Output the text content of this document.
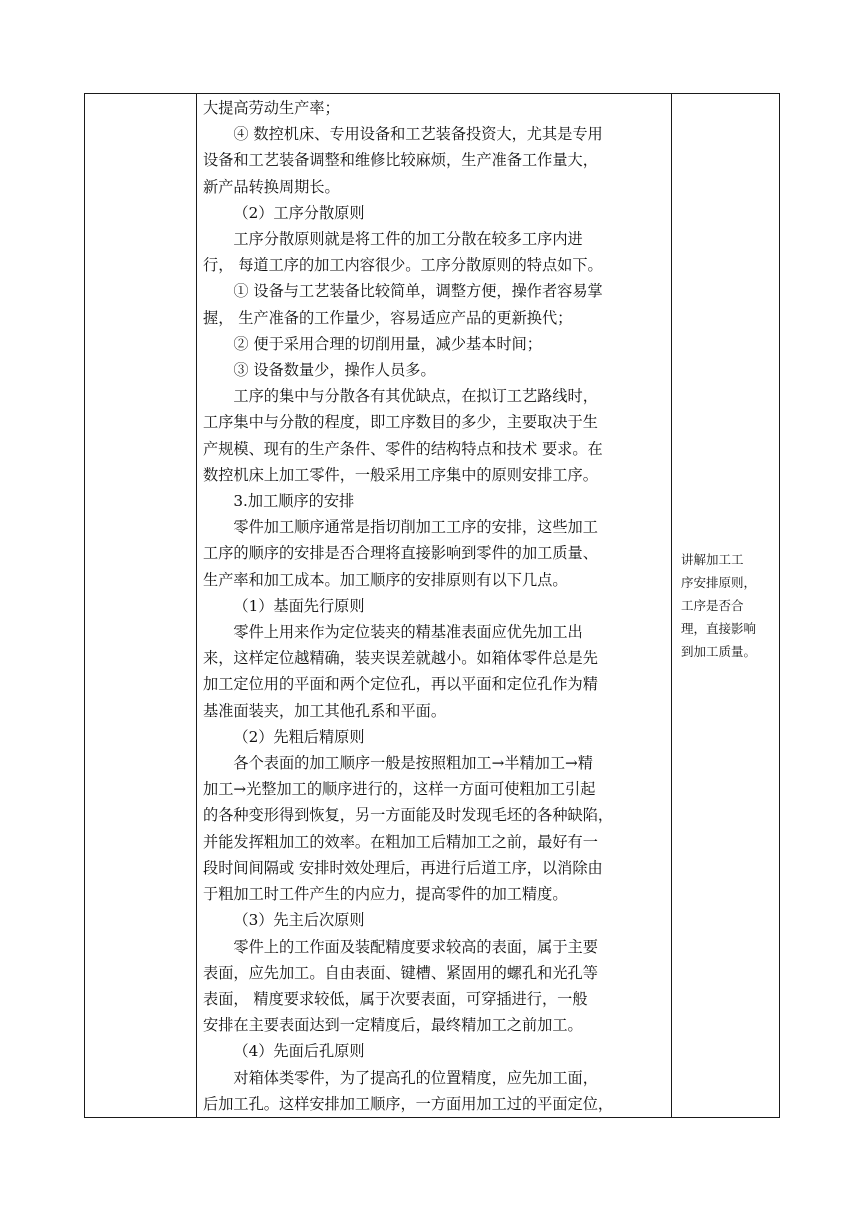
大提高劳动生产率；

④ 数控机床、专用设备和工艺装备投资大，尤其是专用

设备和工艺装备调整和维修比较麻烦，生产准备工作量大，

新产品转换周期长。

（2）工序分散原则

工序分散原则就是将工件的加工分散在较多工序内进

行， 每道工序的加工内容很少。工序分散原则的特点如下。

① 设备与工艺装备比较简单，调整方便，操作者容易掌

握， 生产准备的工作量少，容易适应产品的更新换代；

② 便于采用合理的切削用量，减少基本时间；

③ 设备数量少，操作人员多。

工序的集中与分散各有其优缺点，在拟订工艺路线时，

工序集中与分散的程度，即工序数目的多少，主要取决于生

产规模、现有的生产条件、零件的结构特点和技术 要求。在

数控机床上加工零件，一般采用工序集中的原则安排工序。

3.加工顺序的安排

零件加工顺序通常是指切削加工工序的安排，这些加工

工序的顺序的安排是否合理将直接影响到零件的加工质量、

生产率和加工成本。加工顺序的安排原则有以下几点。

（1）基面先行原则

零件上用来作为定位装夹的精基准表面应优先加工出

来，这样定位越精确，装夹误差就越小。如箱体零件总是先

加工定位用的平面和两个定位孔，再以平面和定位孔作为精

基准面装夹，加工其他孔系和平面。

（2）先粗后精原则

各个表面的加工顺序一般是按照粗加工→半精加工→精

加工→光整加工的顺序进行的，这样一方面可使粗加工引起

的各种变形得到恢复，另一方面能及时发现毛坯的各种缺陷，

并能发挥粗加工的效率。在粗加工后精加工之前，最好有一

段时间间隔或 安排时效处理后，再进行后道工序，以消除由

于粗加工时工件产生的内应力，提高零件的加工精度。

（3）先主后次原则

零件上的工作面及装配精度要求较高的表面，属于主要

表面，应先加工。自由表面、键槽、紧固用的螺孔和光孔等

表面， 精度要求较低，属于次要表面，可穿插进行，一般

安排在主要表面达到一定精度后，最终精加工之前加工。

（4）先面后孔原则

对箱体类零件，为了提高孔的位置精度，应先加工面，

后加工孔。这样安排加工顺序，一方面用加工过的平面定位，

讲解加工工
序安排原则，
工序是否合
理，直接影响
到加工质量。
